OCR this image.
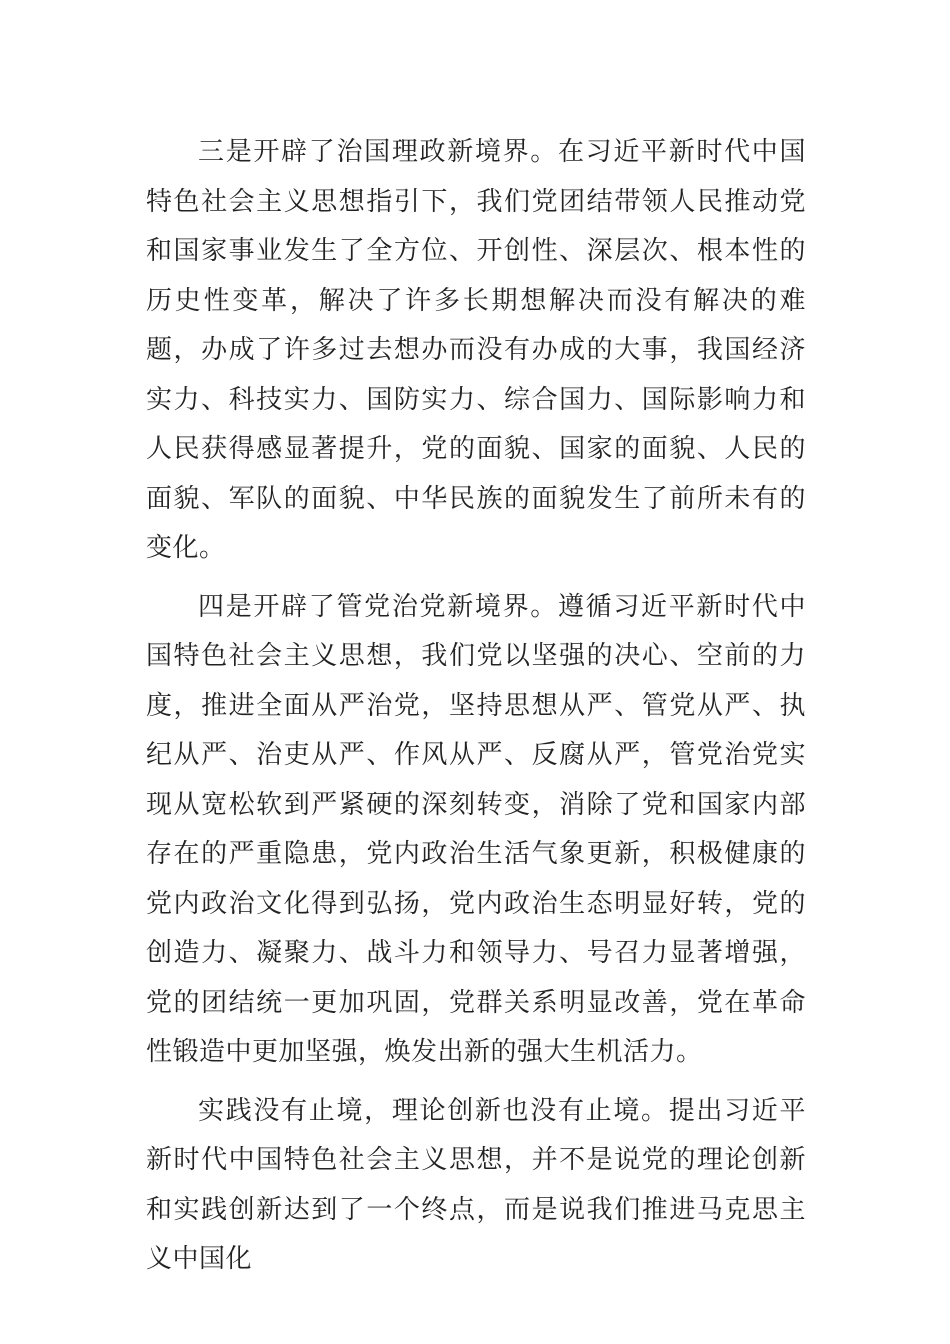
三是开辟了治国理政新境界。在习近平新时代中国特色社会主义思想指引下，我们党团结带领人民推动党和国家事业发生了全方位、开创性、深层次、根本性的历史性变革，解决了许多长期想解决而没有解决的难题，办成了许多过去想办而没有办成的大事，我国经济实力、科技实力、国防实力、综合国力、国际影响力和人民获得感显著提升，党的面貌、国家的面貌、人民的面貌、军队的面貌、中华民族的面貌发生了前所未有的变化。

四是开辟了管党治党新境界。遵循习近平新时代中国特色社会主义思想，我们党以坚强的决心、空前的力度，推进全面从严治党，坚持思想从严、管党从严、执纪从严、治吏从严、作风从严、反腐从严，管党治党实现从宽松软到严紧硬的深刻转变，消除了党和国家内部存在的严重隐患，党内政治生活气象更新，积极健康的党内政治文化得到弘扬，党内政治生态明显好转，党的创造力、凝聚力、战斗力和领导力、号召力显著增强，党的团结统一更加巩固，党群关系明显改善，党在革命性锻造中更加坚强，焕发出新的强大生机活力。

实践没有止境，理论创新也没有止境。提出习近平新时代中国特色社会主义思想，并不是说党的理论创新和实践创新达到了一个终点，而是说我们推进马克思主义中国化
